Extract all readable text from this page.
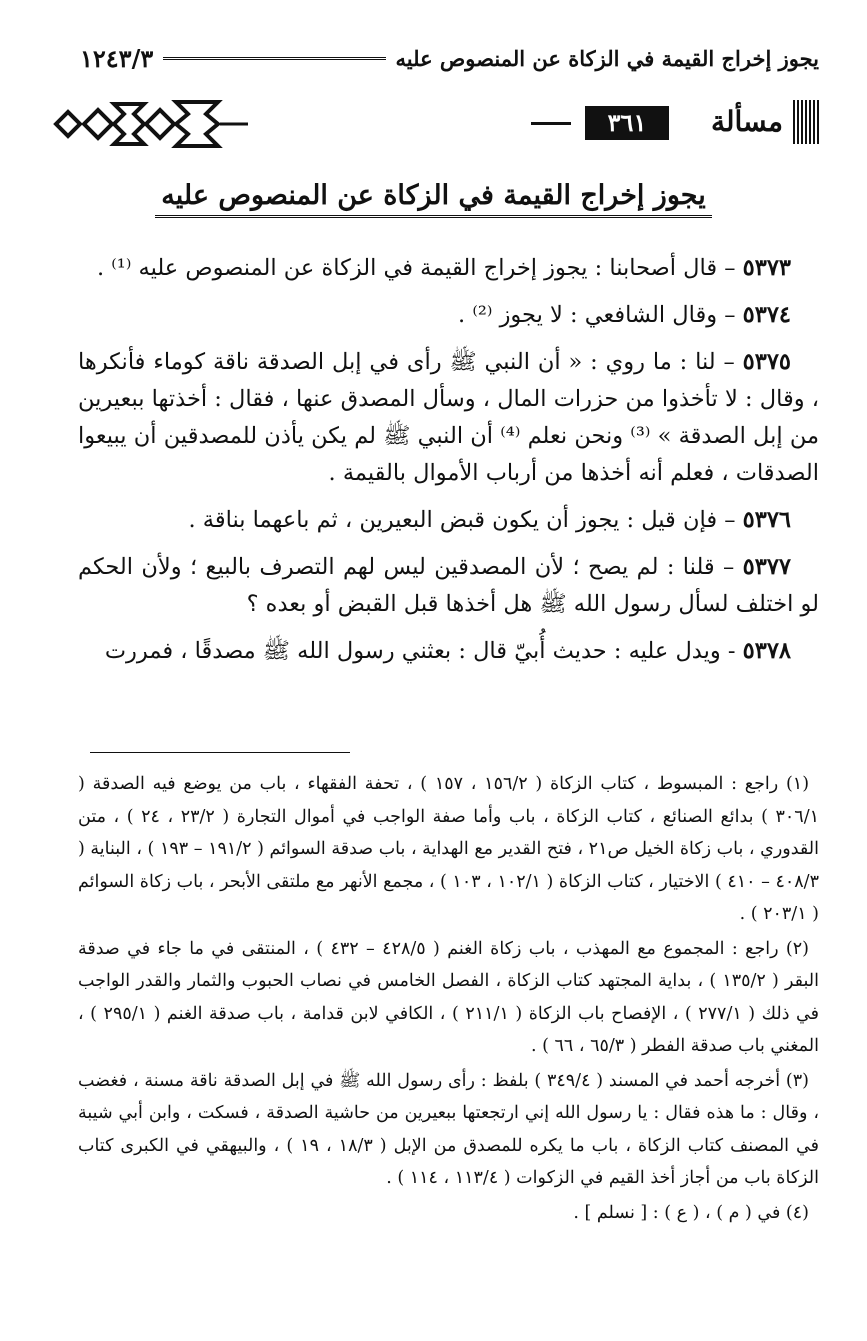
يجوز إخراج القيمة في الزكاة عن المنصوص عليه
١٢٤٣/٣
مسألة
٣٦١
يجوز إخراج القيمة في الزكاة عن المنصوص عليه

٥٣٧٣ – قال أصحابنا : يجوز إخراج القيمة في الزكاة عن المنصوص عليه ⁽¹⁾ .

٥٣٧٤ – وقال الشافعي : لا يجوز ⁽²⁾ .

٥٣٧٥ – لنا : ما روي : « أن النبي ﷺ رأى في إبل الصدقة ناقة كوماء فأنكرها ، وقال : لا تأخذوا من حزرات المال ، وسأل المصدق عنها ، فقال : أخذتها ببعيرين من إبل الصدقة » ⁽³⁾ ونحن نعلم ⁽⁴⁾ أن النبي ﷺ لم يكن يأذن للمصدقين أن يبيعوا الصدقات ، فعلم أنه أخذها من أرباب الأموال بالقيمة .

٥٣٧٦ – فإن قيل : يجوز أن يكون قبض البعيرين ، ثم باعهما بناقة .

٥٣٧٧ – قلنا : لم يصح ؛ لأن المصدقين ليس لهم التصرف بالبيع ؛ ولأن الحكم لو اختلف لسأل رسول الله ﷺ هل أخذها قبل القبض أو بعده ؟

٥٣٧٨ - ويدل عليه : حديث أُبيّ قال : بعثني رسول الله ﷺ مصدقًا ، فمررت

(١) راجع : المبسوط ، كتاب الزكاة ( ١٥٦/٢ ، ١٥٧ ) ، تحفة الفقهاء ، باب من يوضع فيه الصدقة ( ٣٠٦/١ ) بدائع الصنائع ، كتاب الزكاة ، باب وأما صفة الواجب في أموال التجارة ( ٢٣/٢ ، ٢٤ ) ، متن القدوري ، باب زكاة الخيل ص٢١ ، فتح القدير مع الهداية ، باب صدقة السوائم ( ١٩١/٢ – ١٩٣ ) ، البناية ( ٤٠٨/٣ – ٤١٠ ) الاختيار ، كتاب الزكاة ( ١٠٢/١ ، ١٠٣ ) ، مجمع الأنهر مع ملتقى الأبحر ، باب زكاة السوائم ( ٢٠٣/١ ) .

(٢) راجع : المجموع مع المهذب ، باب زكاة الغنم ( ٤٢٨/٥ – ٤٣٢ ) ، المنتقى في ما جاء في صدقة البقر ( ١٣٥/٢ ) ، بداية المجتهد كتاب الزكاة ، الفصل الخامس في نصاب الحبوب والثمار والقدر الواجب في ذلك ( ٢٧٧/١ ) ، الإفصاح باب الزكاة ( ٢١١/١ ) ، الكافي لابن قدامة ، باب صدقة الغنم ( ٢٩٥/١ ) ، المغني باب صدقة الفطر ( ٦٥/٣ ، ٦٦ ) .

(٣) أخرجه أحمد في المسند ( ٣٤٩/٤ ) بلفظ : رأى رسول الله ﷺ في إبل الصدقة ناقة مسنة ، فغضب ، وقال : ما هذه فقال : يا رسول الله إني ارتجعتها ببعيرين من حاشية الصدقة ، فسكت ، وابن أبي شيبة في المصنف كتاب الزكاة ، باب ما يكره للمصدق من الإبل ( ١٨/٣ ، ١٩ ) ، والبيهقي في الكبرى كتاب الزكاة باب من أجاز أخذ القيم في الزكوات ( ١١٣/٤ ، ١١٤ ) .

(٤) في ( م ) ، ( ع ) : [ نسلم ] .
